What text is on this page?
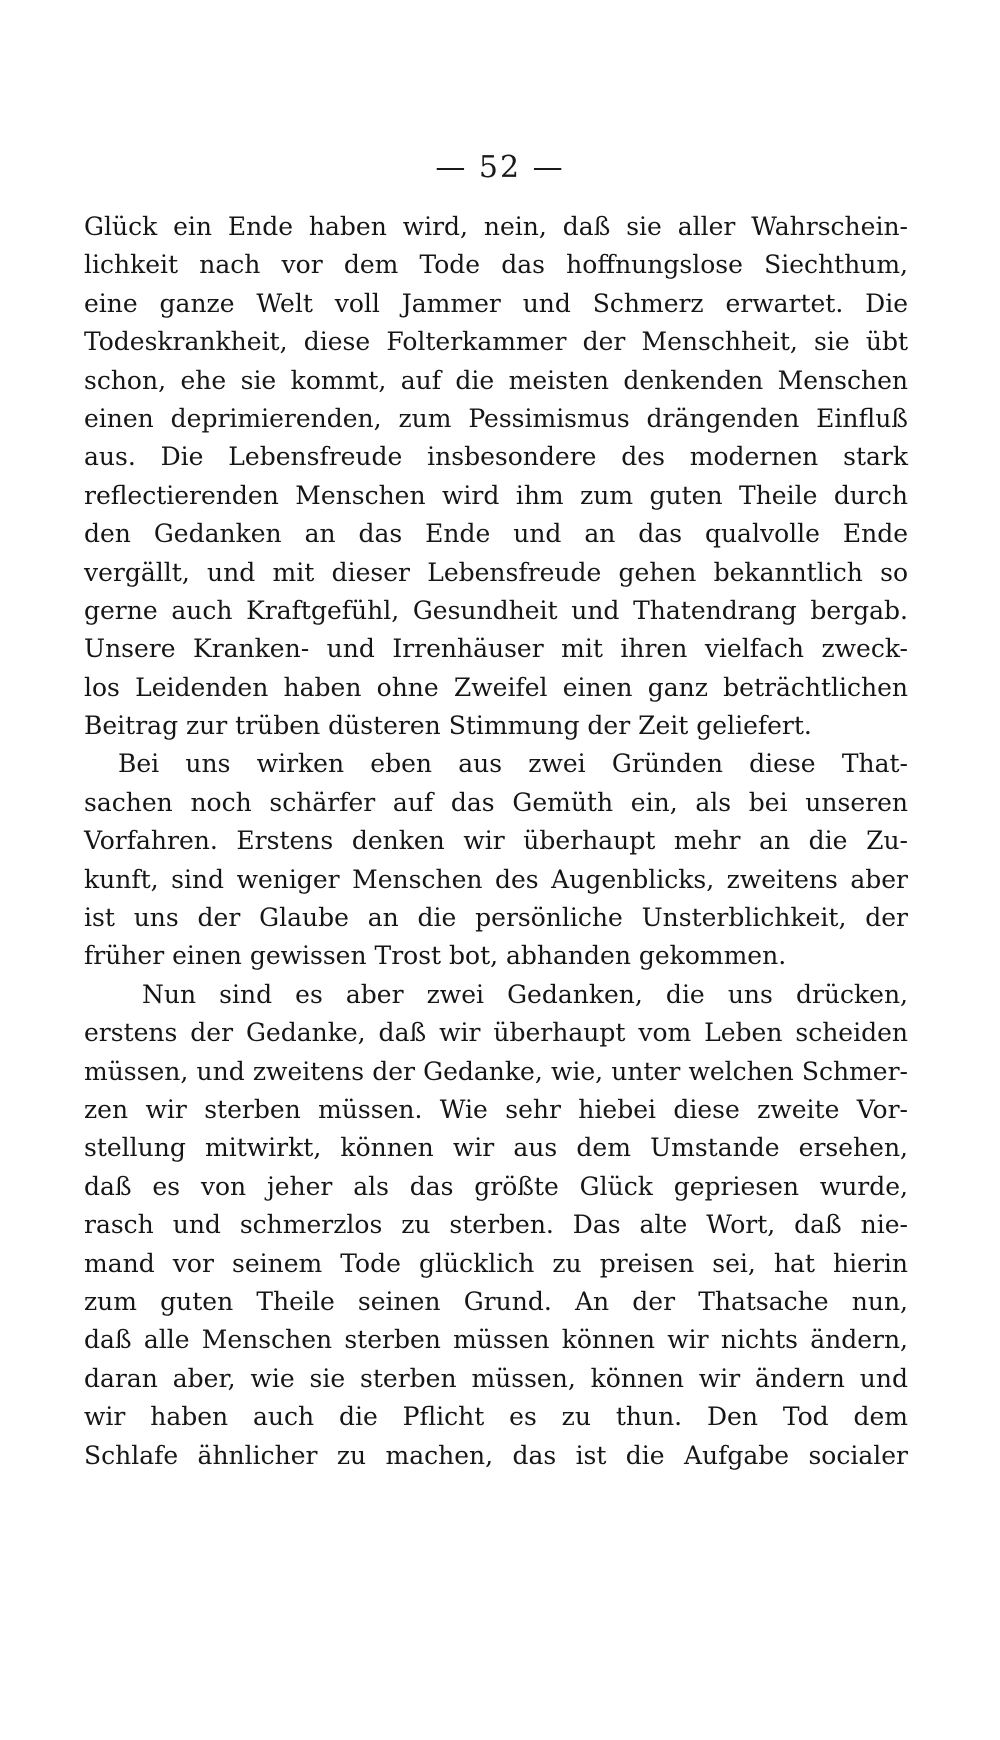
— 52 —
Glück ein Ende haben wird, nein, daß sie aller Wahrschein-
lichkeit nach vor dem Tode das hoffnungslose Siechthum,
eine ganze Welt voll Jammer und Schmerz erwartet. Die
Todeskrankheit, diese Folterkammer der Menschheit, sie übt
schon, ehe sie kommt, auf die meisten denkenden Menschen
einen deprimierenden, zum Pessimismus drängenden Einfluß
aus. Die Lebensfreude insbesondere des modernen stark
reflectierenden Menschen wird ihm zum guten Theile durch
den Gedanken an das Ende und an das qualvolle Ende
vergällt, und mit dieser Lebensfreude gehen bekanntlich so
gerne auch Kraftgefühl, Gesundheit und Thatendrang bergab.
Unsere Kranken- und Irrenhäuser mit ihren vielfach zweck-
los Leidenden haben ohne Zweifel einen ganz beträchtlichen
Beitrag zur trüben düsteren Stimmung der Zeit geliefert.
Bei uns wirken eben aus zwei Gründen diese That-
sachen noch schärfer auf das Gemüth ein, als bei unseren
Vorfahren. Erstens denken wir überhaupt mehr an die Zu-
kunft, sind weniger Menschen des Augenblicks, zweitens aber
ist uns der Glaube an die persönliche Unsterblichkeit, der
früher einen gewissen Trost bot, abhanden gekommen.
Nun sind es aber zwei Gedanken, die uns drücken,
erstens der Gedanke, daß wir überhaupt vom Leben scheiden
müssen, und zweitens der Gedanke, wie, unter welchen Schmer-
zen wir sterben müssen. Wie sehr hiebei diese zweite Vor-
stellung mitwirkt, können wir aus dem Umstande ersehen,
daß es von jeher als das größte Glück gepriesen wurde,
rasch und schmerzlos zu sterben. Das alte Wort, daß nie-
mand vor seinem Tode glücklich zu preisen sei, hat hierin
zum guten Theile seinen Grund. An der Thatsache nun,
daß alle Menschen sterben müssen können wir nichts ändern,
daran aber, wie sie sterben müssen, können wir ändern und
wir haben auch die Pflicht es zu thun. Den Tod dem
Schlafe ähnlicher zu machen, das ist die Aufgabe socialer
